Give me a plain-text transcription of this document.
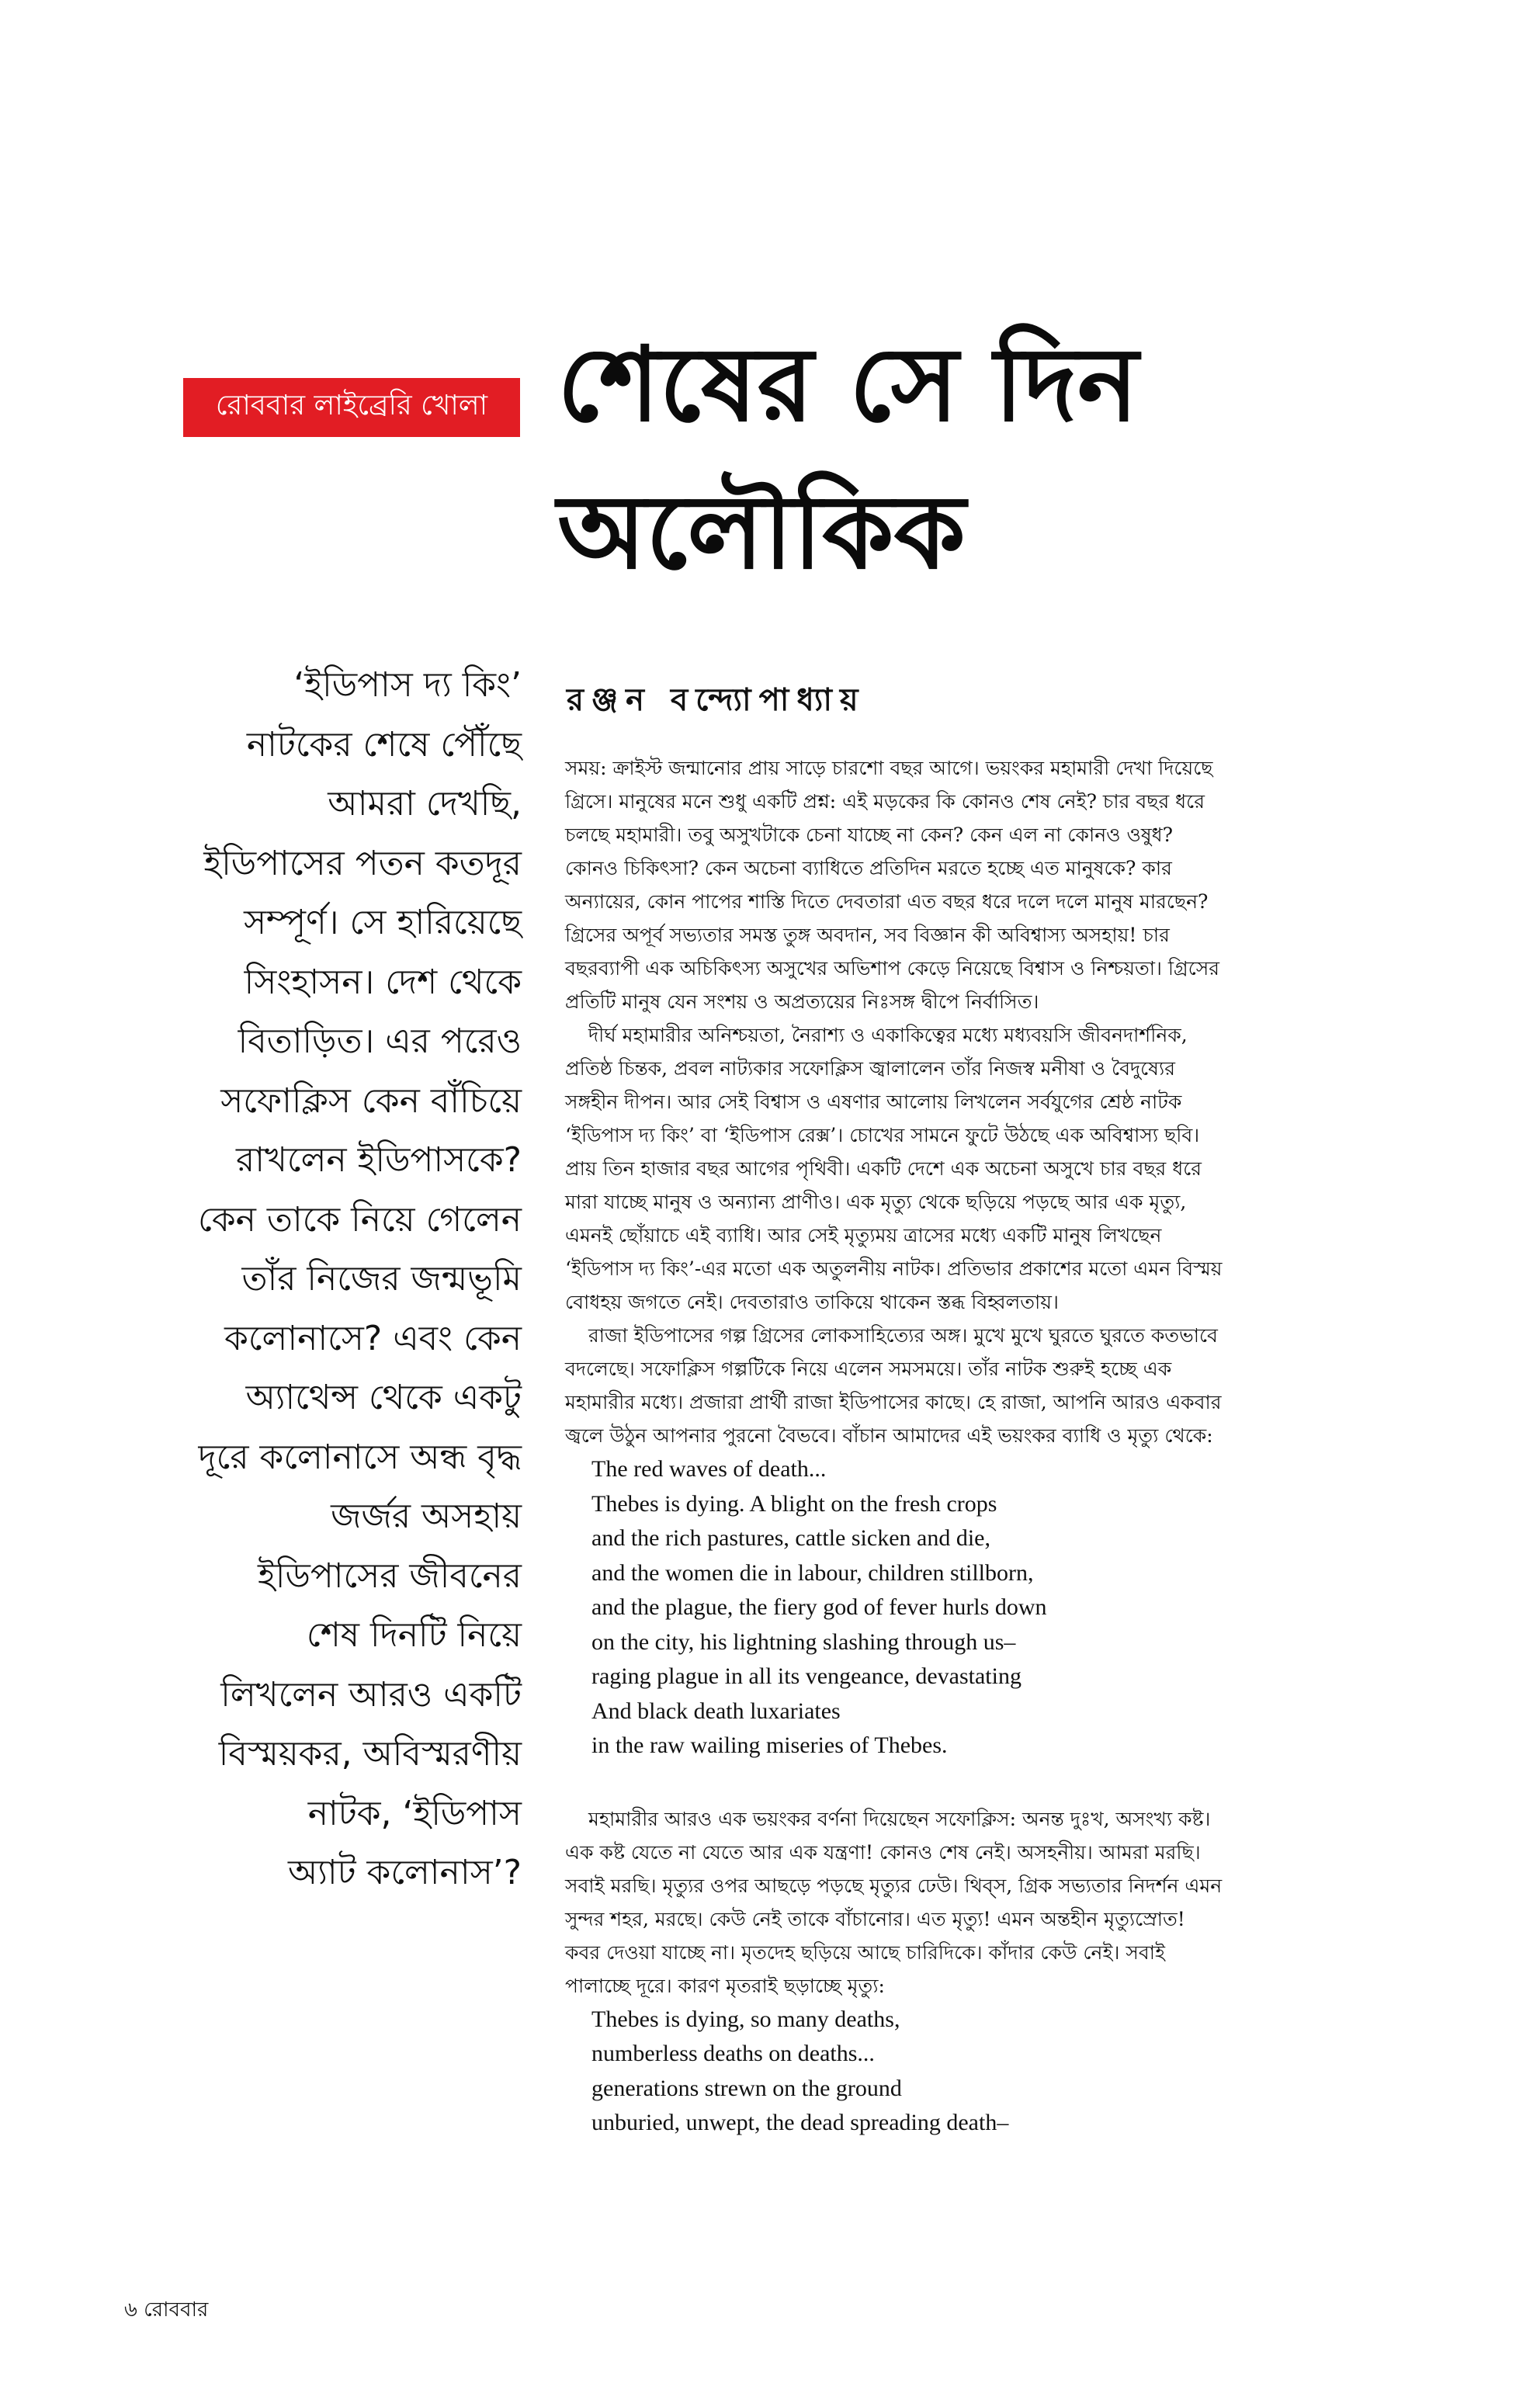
রোববার লাইব্রেরি খোলা শেষের সে দিন
অলৌকিক
‘ইডিপাস দ্য কিং’
নাটকের শেষে পৌঁছে
আমরা দেখছি,
ইডিপাসের পতন কতদূর
সম্পূর্ণ। সে হারিয়েছে
সিংহাসন। দেশ থেকে
বিতাড়িত। এর পরেও
সফোক্লিস কেন বাঁচিয়ে
রাখলেন ইডিপাসকে?
কেন তাকে নিয়ে গেলেন
তাঁর নিজের জন্মভূমি
কলোনাসে? এবং কেন
অ্যাথেন্স থেকে একটু
দূরে কলোনাসে অন্ধ বৃদ্ধ
জর্জর অসহায়
ইডিপাসের জীবনের
শেষ দিনটি নিয়ে
লিখলেন আরও একটি
বিস্ময়কর, অবিস্মরণীয়
নাটক, ‘ইডিপাস
অ্যাট কলোনাস’?
রঞ্জন বন্দ্যোপাধ্যায়
সময়: ক্রাইস্ট জন্মানোর প্রায় সাড়ে চারশো বছর আগে। ভয়ংকর মহামারী দেখা দিয়েছে
গ্রিসে। মানুষের মনে শুধু একটি প্রশ্ন: এই মড়কের কি কোনও শেষ নেই? চার বছর ধরে
চলছে মহামারী। তবু অসুখটাকে চেনা যাচ্ছে না কেন? কেন এল না কোনও ওষুধ?
কোনও চিকিৎসা? কেন অচেনা ব্যাধিতে প্রতিদিন মরতে হচ্ছে এত মানুষকে? কার
অন্যায়ের, কোন পাপের শাস্তি দিতে দেবতারা এত বছর ধরে দলে দলে মানুষ মারছেন?
গ্রিসের অপূর্ব সভ্যতার সমস্ত তুঙ্গ অবদান, সব বিজ্ঞান কী অবিশ্বাস্য অসহায়! চার
বছরব্যাপী এক অচিকিৎস্য অসুখের অভিশাপ কেড়ে নিয়েছে বিশ্বাস ও নিশ্চয়তা। গ্রিসের
প্রতিটি মানুষ যেন সংশয় ও অপ্রত্যয়ের নিঃসঙ্গ দ্বীপে নির্বাসিত।
দীর্ঘ মহামারীর অনিশ্চয়তা, নৈরাশ্য ও একাকিত্বের মধ্যে মধ্যবয়সি জীবনদার্শনিক,
প্রতিষ্ঠ চিন্তক, প্রবল নাট্যকার সফোক্লিস জ্বালালেন তাঁর নিজস্ব মনীষা ও বৈদুষ্যের
সঙ্গহীন দীপন। আর সেই বিশ্বাস ও এষণার আলোয় লিখলেন সর্বযুগের শ্রেষ্ঠ নাটক
‘ইডিপাস দ্য কিং’ বা ‘ইডিপাস রেক্স’। চোখের সামনে ফুটে উঠছে এক অবিশ্বাস্য ছবি।
প্রায় তিন হাজার বছর আগের পৃথিবী। একটি দেশে এক অচেনা অসুখে চার বছর ধরে
মারা যাচ্ছে মানুষ ও অন্যান্য প্রাণীও। এক মৃত্যু থেকে ছড়িয়ে পড়ছে আর এক মৃত্যু,
এমনই ছোঁয়াচে এই ব্যাধি। আর সেই মৃত্যুময় ত্রাসের মধ্যে একটি মানুষ লিখছেন
‘ইডিপাস দ্য কিং’-এর মতো এক অতুলনীয় নাটক। প্রতিভার প্রকাশের মতো এমন বিস্ময়
বোধহয় জগতে নেই। দেবতারাও তাকিয়ে থাকেন স্তব্ধ বিহ্বলতায়।
রাজা ইডিপাসের গল্প গ্রিসের লোকসাহিত্যের অঙ্গ। মুখে মুখে ঘুরতে ঘুরতে কতভাবে
বদলেছে। সফোক্লিস গল্পটিকে নিয়ে এলেন সমসময়ে। তাঁর নাটক শুরুই হচ্ছে এক
মহামারীর মধ্যে। প্রজারা প্রার্থী রাজা ইডিপাসের কাছে। হে রাজা, আপনি আরও একবার
জ্বলে উঠুন আপনার পুরনো বৈভবে। বাঁচান আমাদের এই ভয়ংকর ব্যাধি ও মৃত্যু থেকে:
The red waves of death...
Thebes is dying. A blight on the fresh crops
and the rich pastures, cattle sicken and die,
and the women die in labour, children stillborn,
and the plague, the fiery god of fever hurls down
on the city, his lightning slashing through us–
raging plague in all its vengeance, devastating
And black death luxariates
in the raw wailing miseries of Thebes.
মহামারীর আরও এক ভয়ংকর বর্ণনা দিয়েছেন সফোক্লিস: অনন্ত দুঃখ, অসংখ্য কষ্ট।
এক কষ্ট যেতে না যেতে আর এক যন্ত্রণা! কোনও শেষ নেই। অসহনীয়। আমরা মরছি।
সবাই মরছি। মৃত্যুর ওপর আছড়ে পড়ছে মৃত্যুর ঢেউ। থিব্‌স, গ্রিক সভ্যতার নিদর্শন এমন
সুন্দর শহর, মরছে। কেউ নেই তাকে বাঁচানোর। এত মৃত্যু! এমন অন্তহীন মৃত্যুস্রোত!
কবর দেওয়া যাচ্ছে না। মৃতদেহ ছড়িয়ে আছে চারিদিকে। কাঁদার কেউ নেই। সবাই
পালাচ্ছে দূরে। কারণ মৃতরাই ছড়াচ্ছে মৃত্যু:
Thebes is dying, so many deaths,
numberless deaths on deaths...
generations strewn on the ground
unburied, unwept, the dead spreading death–
৬ রোববার
